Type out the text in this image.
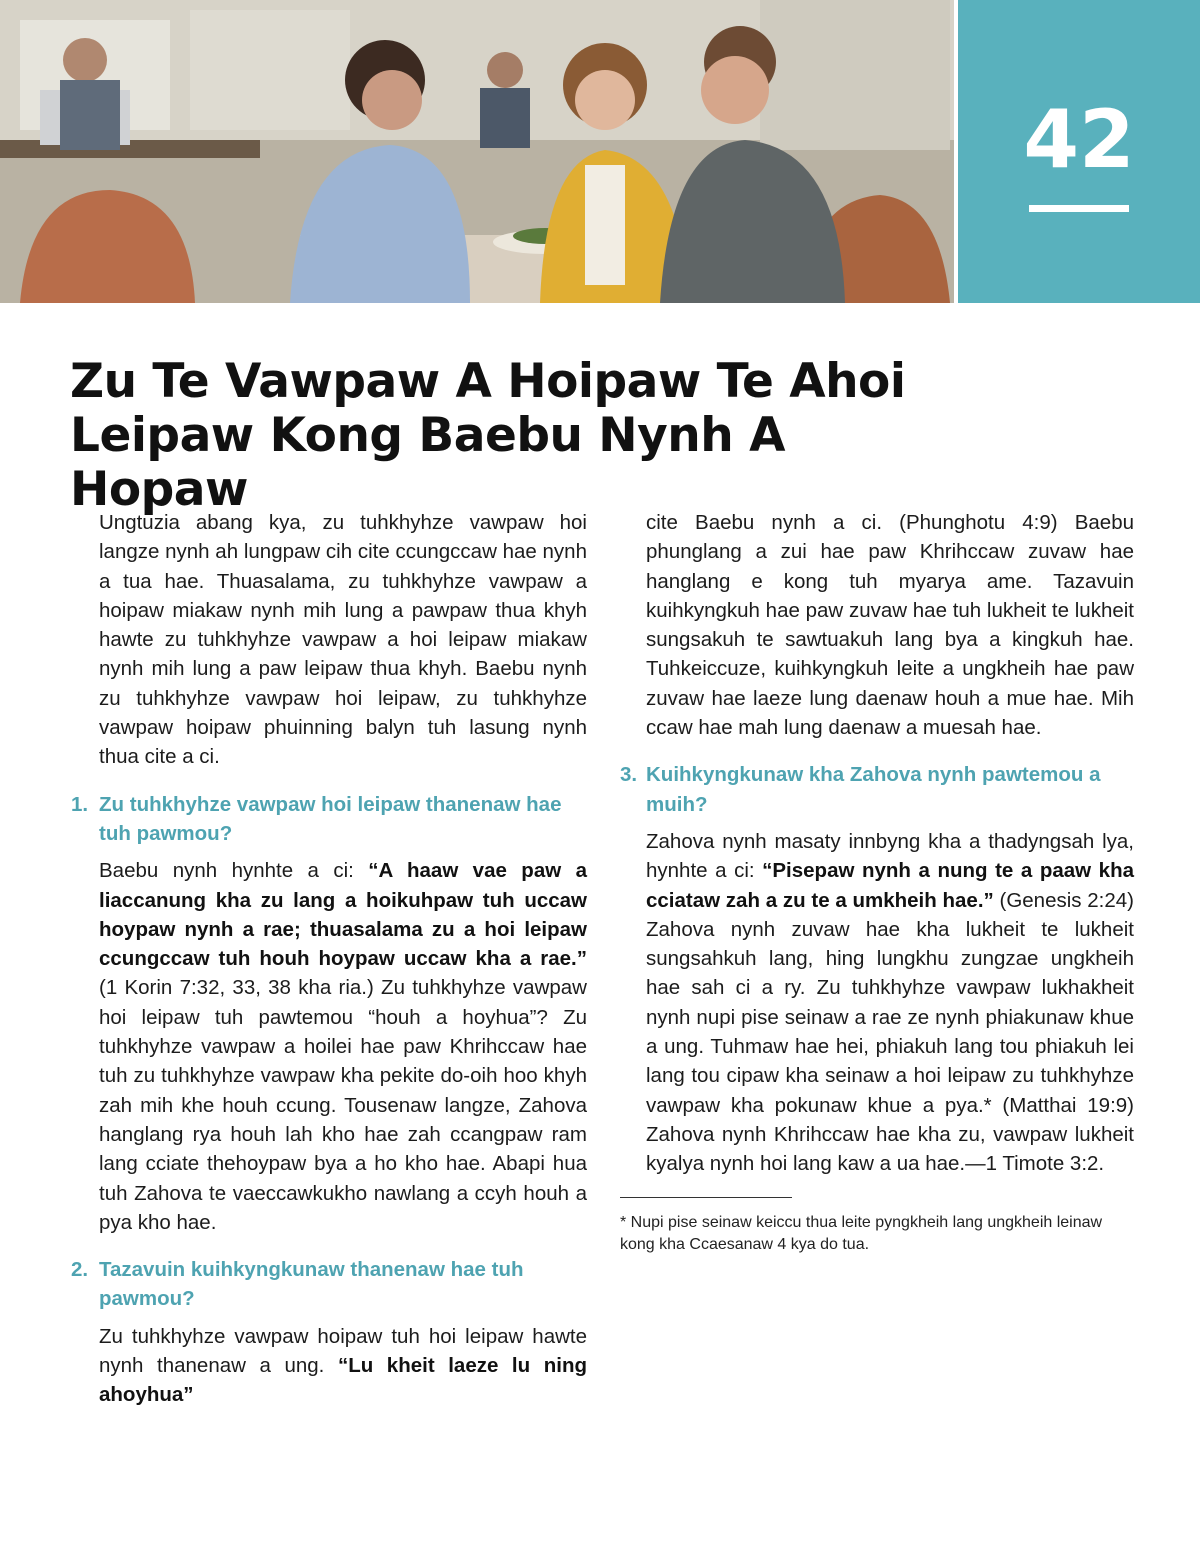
42
Zu Te Vawpaw A Hoipaw Te Ahoi
Leipaw Kong Baebu Nynh A Hopaw

Ungtuzia abang kya, zu tuhkhyhze vawpaw hoi langze nynh ah lungpaw cih cite ccungccaw hae nynh a tua hae. Thuasalama, zu tuhkhyhze vawpaw a hoipaw miakaw nynh mih lung a pawpaw thua khyh hawte zu tuhkhyhze vawpaw a hoi leipaw miakaw nynh mih lung a paw leipaw thua khyh. Baebu nynh zu tuhkhyhze vawpaw hoi leipaw, zu tuhkhyhze vawpaw hoipaw phuinning balyn tuh lasung nynh thua cite a ci.

1. Zu tuhkhyhze vawpaw hoi leipaw thanenaw hae tuh pawmou?

Baebu nynh hynhte a ci: “A haaw vae paw a liaccanung kha zu lang a hoikuhpaw tuh uccaw hoypaw nynh a rae; thuasalama zu a hoi leipaw ccungccaw tuh houh hoypaw uccaw kha a rae.” (1 Korin 7:32, 33, 38 kha ria.) Zu tuhkhyhze vawpaw hoi leipaw tuh pawtemou “houh a hoyhua”? Zu tuhkhyhze vawpaw a hoilei hae paw Khrihccaw hae tuh zu tuhkhyhze vawpaw kha pekite do-oih hoo khyh zah mih khe houh ccung. Tousenaw langze, Zahova hanglang rya houh lah kho hae zah ccangpaw ram lang cciate thehoypaw bya a ho kho hae. Abapi hua tuh Zahova te vaeccawkukho nawlang a ccyh houh a pya kho hae.

2. Tazavuin kuihkyngkunaw thanenaw hae tuh pawmou?

Zu tuhkhyhze vawpaw hoipaw tuh hoi leipaw hawte nynh thanenaw a ung. “Lu kheit laeze lu ning ahoyhua”

cite Baebu nynh a ci. (Phunghotu 4:9) Baebu phunglang a zui hae paw Khrihccaw zuvaw hae hanglang e kong tuh myarya ame. Tazavuin kuihkyngkuh hae paw zuvaw hae tuh lukheit te lukheit sungsakuh te sawtuakuh lang bya a kingkuh hae. Tuhkeiccuze, kuihkyngkuh leite a ungkheih hae paw zuvaw hae laeze lung daenaw houh a mue hae. Mih ccaw hae mah lung daenaw a muesah hae.

3. Kuihkyngkunaw kha Zahova nynh pawtemou a muih?

Zahova nynh masaty innbyng kha a thadyngsah lya, hynhte a ci: “Pisepaw nynh a nung te a paaw kha cciataw zah a zu te a umkheih hae.” (Genesis 2:24) Zahova nynh zuvaw hae kha lukheit te lukheit sungsahkuh lang, hing lungkhu zungzae ungkheih hae sah ci a ry. Zu tuhkhyhze vawpaw lukhakheit nynh nupi pise seinaw a rae ze nynh phiakunaw khue a ung. Tuhmaw hae hei, phiakuh lang tou phiakuh lei lang tou cipaw kha seinaw a hoi leipaw zu tuhkhyhze vawpaw kha pokunaw khue a pya.* (Matthai 19:9) Zahova nynh Khrihccaw hae kha zu, vawpaw lukheit kyalya nynh hoi lang kaw a ua hae.—1 Timote 3:2.

* Nupi pise seinaw keiccu thua leite pyngkheih lang ungkheih leinaw kong kha Ccaesanaw 4 kya do tua.
